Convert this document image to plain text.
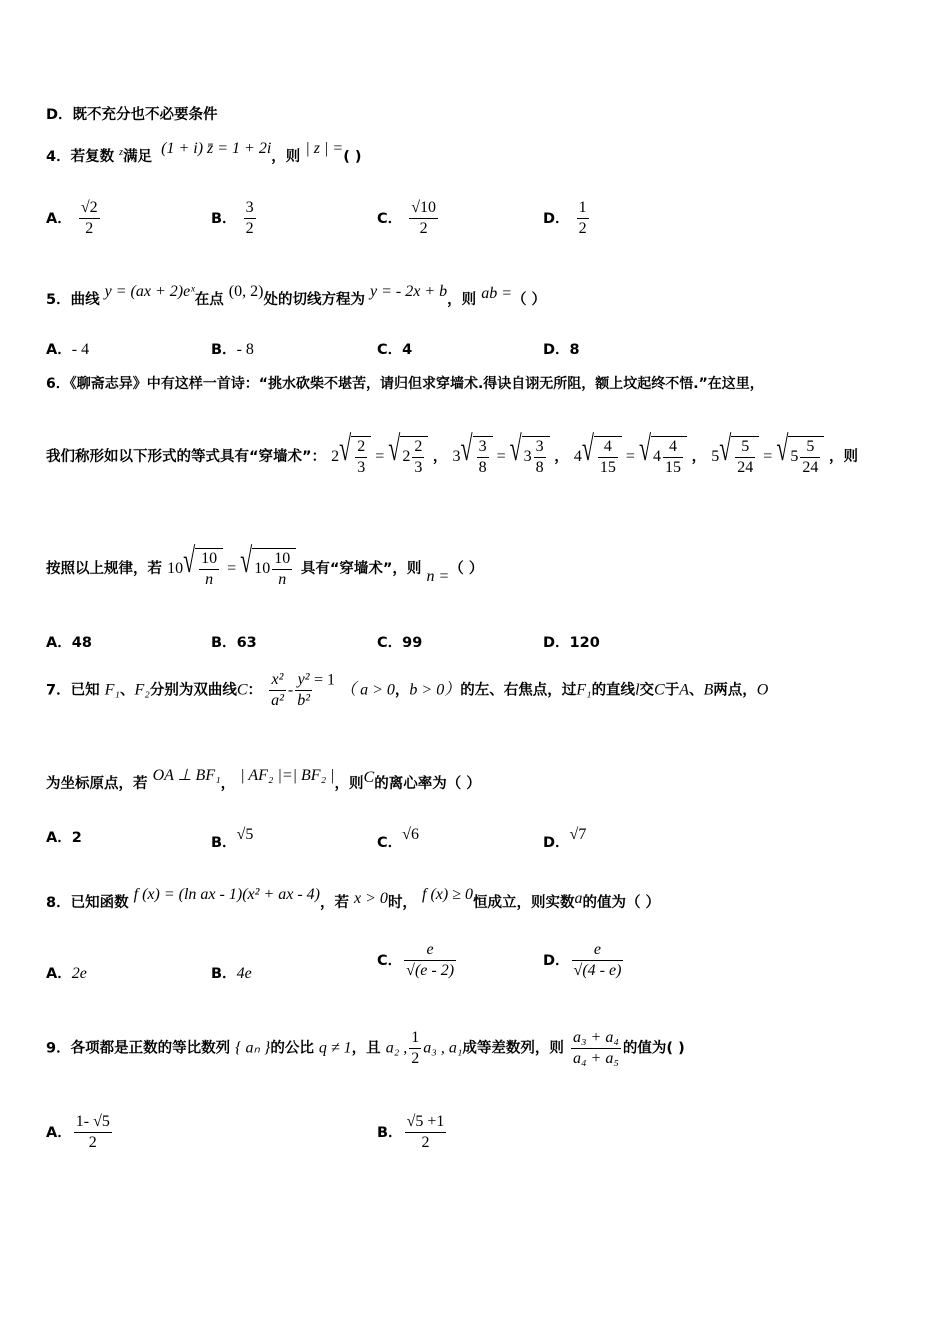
D．既不充分也不必要条件
4．若复数 $^z$满足 (1 + i) z̄ = 1 + 2i，则 | z | =( )
A． $\frac{√2}{2}$	B． $\frac{3}{2}$	C． $\frac{√10}{2}$	D． $\frac{1}{2}$
5．曲线 y = (ax + 2)eˣ在点 (0, 2)处的切线方程为 y = - 2x + b，则 ab =（ ）
A．- 4	B．- 8	C．4	D．8
6．《聊斋志异》中有这样一首诗：“挑水砍柴不堪苦，请归但求穿墙术.得诀自诩无所阻，额上坟起终不悟.”在这里，
我们称形如以下形式的等式具有“穿墙术”： $2√ \frac{2}{3}$ = √ $2 \frac{2}{3}$ ， $3√ \frac{3}{8}$ = √ $3 \frac{3}{8}$ ， $4√ \frac{4}{15}$ = √ $4 \frac{4}{15}$ ， $5√ \frac{5}{24}$ = √ $5 \frac{5}{24}$ ，则
按照以上规律，若 $10√ \frac{10}{n}$ = √ $10 \frac{10}{n}$ 具有“穿墙术”，则 n =（ ）
A．48	B．63	C．99	D．120
7．已知 F₁、F₂分别为双曲线C： $\frac{\text{x²}}{\text{a²}} - \frac{\text{y²}}{\text{b²}} = 1$ （ a > 0，b > 0）的左、右焦点，过F₁的直线l交C于A、B两点，O
为坐标原点，若 OA ⊥ BF₁， | AF₂ |=| BF₂ |，则C的离心率为（ ）
A．2	B．√5	C．√6	D．√7
8．已知函数 f (x) = (ln ax - 1)(x² + ax - 4)，若 x > 0时， f (x) ≥ 0恒成立，则实数a的值为（ ）
A．2e	B．4e
C． $\frac{e}{√(e - 2)}$	D． $\frac{e}{√(4 - e)}$
9．各项都是正数的等比数列 { aₙ }的公比 q ≠ 1，且 a₂ , $\frac{1}{2} a_3$ , a₁成等差数列，则 $\frac{\text{a₃ + a₄}}{\text{a₄ + a₅}}$ 的值为( )
A． $\frac{1- √5}{2}$	B． $\frac{√5 +1}{2}$
